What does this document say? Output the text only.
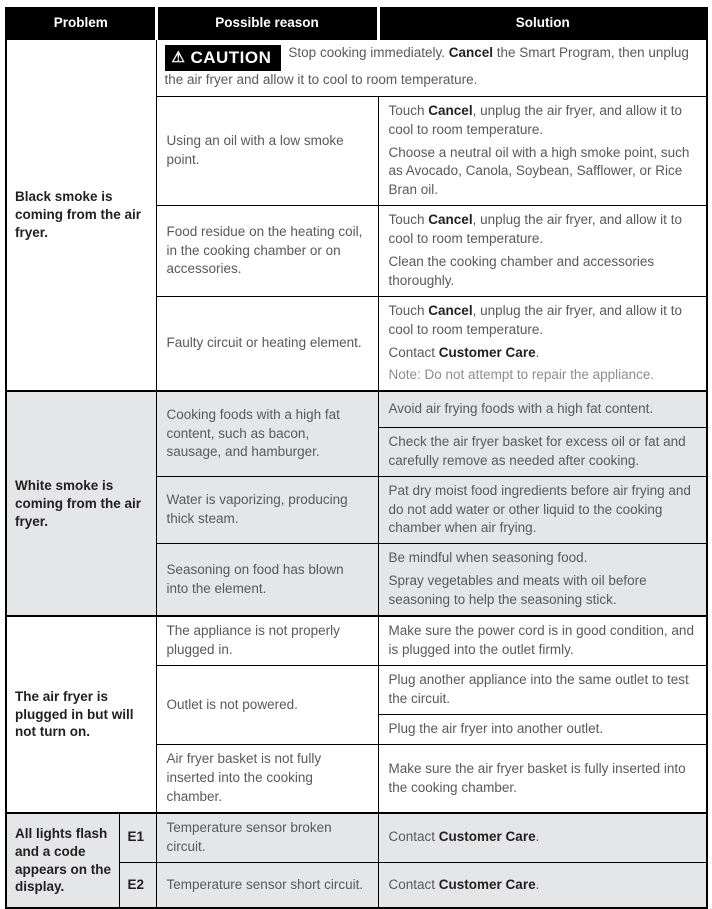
Problem		Possible reason	Solution
Black smoke is coming from the air fryer.		⚠ CAUTION Stop cooking immediately. Cancel the Smart Program, then unplug the air fryer and allow it to cool to room temperature.	
		Using an oil with a low smoke point.	Touch Cancel, unplug the air fryer, and allow it to cool to room temperature.

Choose a neutral oil with a high smoke point, such as Avocado, Canola, Soybean, Safflower, or Rice Bran oil.

		Food residue on the heating coil, in the cooking chamber or on accessories.	Touch Cancel, unplug the air fryer, and allow it to cool to room temperature.

Clean the cooking chamber and accessories thoroughly.

		Faulty circuit or heating element.	Touch Cancel, unplug the air fryer, and allow it to cool to room temperature.

Contact Customer Care.

Note: Do not attempt to repair the appliance.

White smoke is coming from the air fryer.		Cooking foods with a high fat content, such as bacon, sausage, and hamburger.	Avoid air frying foods with a high fat content.

			Check the air fryer basket for excess oil or fat and carefully remove as needed after cooking.

		Water is vaporizing, producing thick steam.	Pat dry moist food ingredients before air frying and do not add water or other liquid to the cooking chamber when air frying.

		Seasoning on food has blown into the element.	Be mindful when seasoning food.

Spray vegetables and meats with oil before seasoning to help the seasoning stick.

The air fryer is plugged in but will not turn on.		The appliance is not properly plugged in.	Make sure the power cord is in good condition, and is plugged into the outlet firmly.

		Outlet is not powered.	Plug another appliance into the same outlet to test the circuit.

			Plug the air fryer into another outlet.

		Air fryer basket is not fully inserted into the cooking chamber.	Make sure the air fryer basket is fully inserted into the cooking chamber.

All lights flash and a code appears on the display.	E1	Temperature sensor broken circuit.	Contact Customer Care.

	E2	Temperature sensor short circuit.	Contact Customer Care.
